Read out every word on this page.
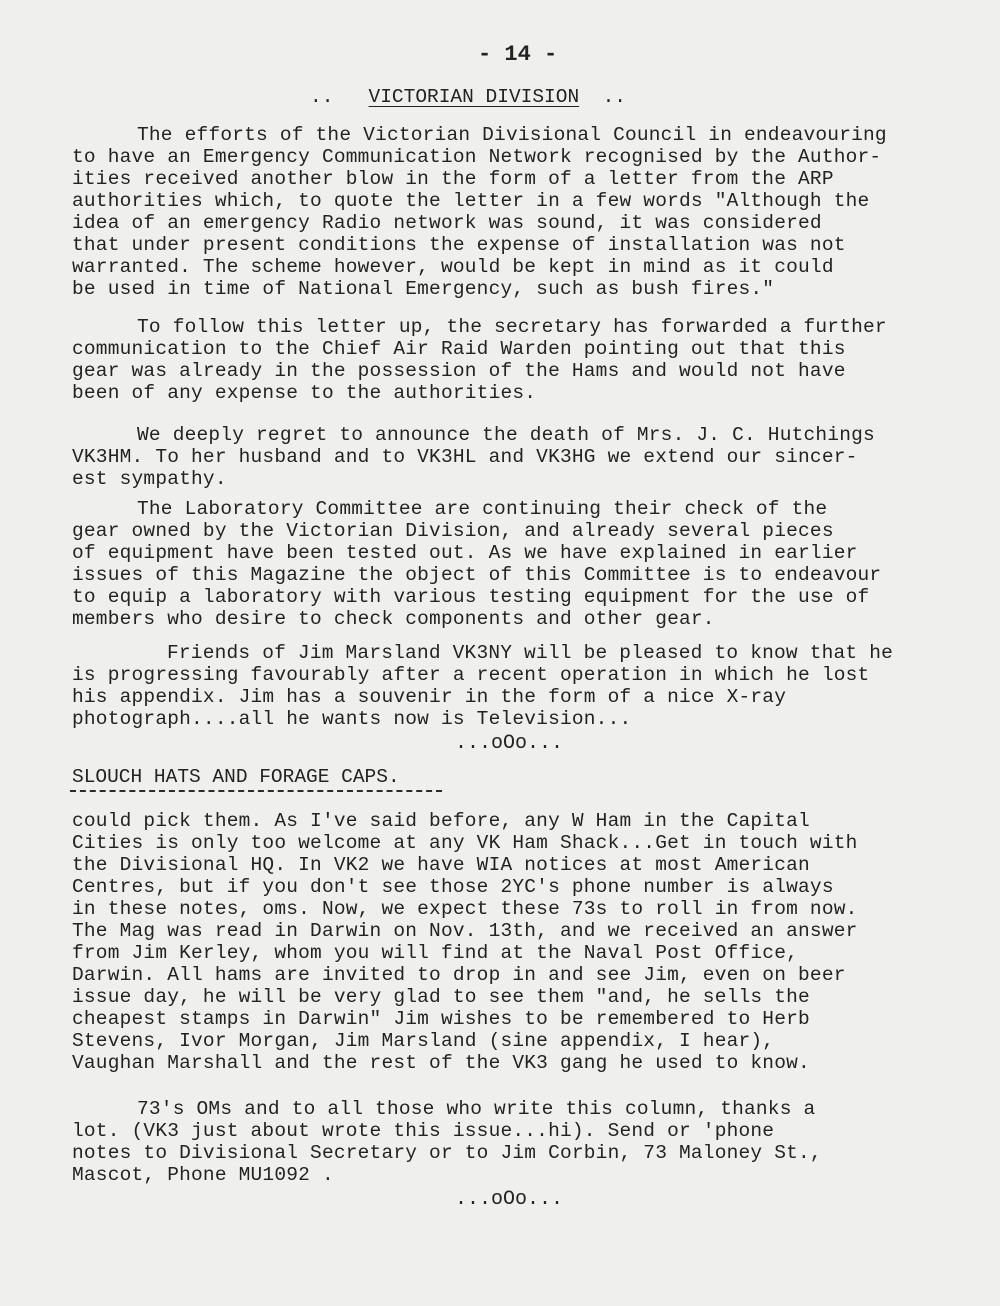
- 14 -
.. VICTORIAN DIVISION ..
The efforts of the Victorian Divisional Council in endeavouring
to have an Emergency Communication Network recognised by the Author-
ities received another blow in the form of a letter from the ARP
authorities which, to quote the letter in a few words "Although the
idea of an emergency Radio network was sound, it was considered
that under present conditions the expense of installation was not
warranted. The scheme however, would be kept in mind as it could
be used in time of National Emergency, such as bush fires."
To follow this letter up, the secretary has forwarded a further
communication to the Chief Air Raid Warden pointing out that this
gear was already in the possession of the Hams and would not have
been of any expense to the authorities.
We deeply regret to announce the death of Mrs. J. C. Hutchings
VK3HM. To her husband and to VK3HL and VK3HG we extend our sincer-
est sympathy.
The Laboratory Committee are continuing their check of the
gear owned by the Victorian Division, and already several pieces
of equipment have been tested out. As we have explained in earlier
issues of this Magazine the object of this Committee is to endeavour
to equip a laboratory with various testing equipment for the use of
members who desire to check components and other gear.
Friends of Jim Marsland VK3NY will be pleased to know that he
is progressing favourably after a recent operation in which he lost
his appendix. Jim has a souvenir in the form of a nice X-ray
photograph....all he wants now is Television...
...oOo...
SLOUCH HATS AND FORAGE CAPS.
could pick them. As I've said before, any W Ham in the Capital
Cities is only too welcome at any VK Ham Shack...Get in touch with
the Divisional HQ. In VK2 we have WIA notices at most American
Centres, but if you don't see those 2YC's phone number is always
in these notes, oms. Now, we expect these 73s to roll in from now.
The Mag was read in Darwin on Nov. 13th, and we received an answer
from Jim Kerley, whom you will find at the Naval Post Office,
Darwin. All hams are invited to drop in and see Jim, even on beer
issue day, he will be very glad to see them "and, he sells the
cheapest stamps in Darwin" Jim wishes to be remembered to Herb
Stevens, Ivor Morgan, Jim Marsland (sine appendix, I hear),
Vaughan Marshall and the rest of the VK3 gang he used to know.
73's OMs and to all those who write this column, thanks a
lot. (VK3 just about wrote this issue...hi). Send or 'phone
notes to Divisional Secretary or to Jim Corbin, 73 Maloney St.,
Mascot, Phone MU1092 .
...oOo...
